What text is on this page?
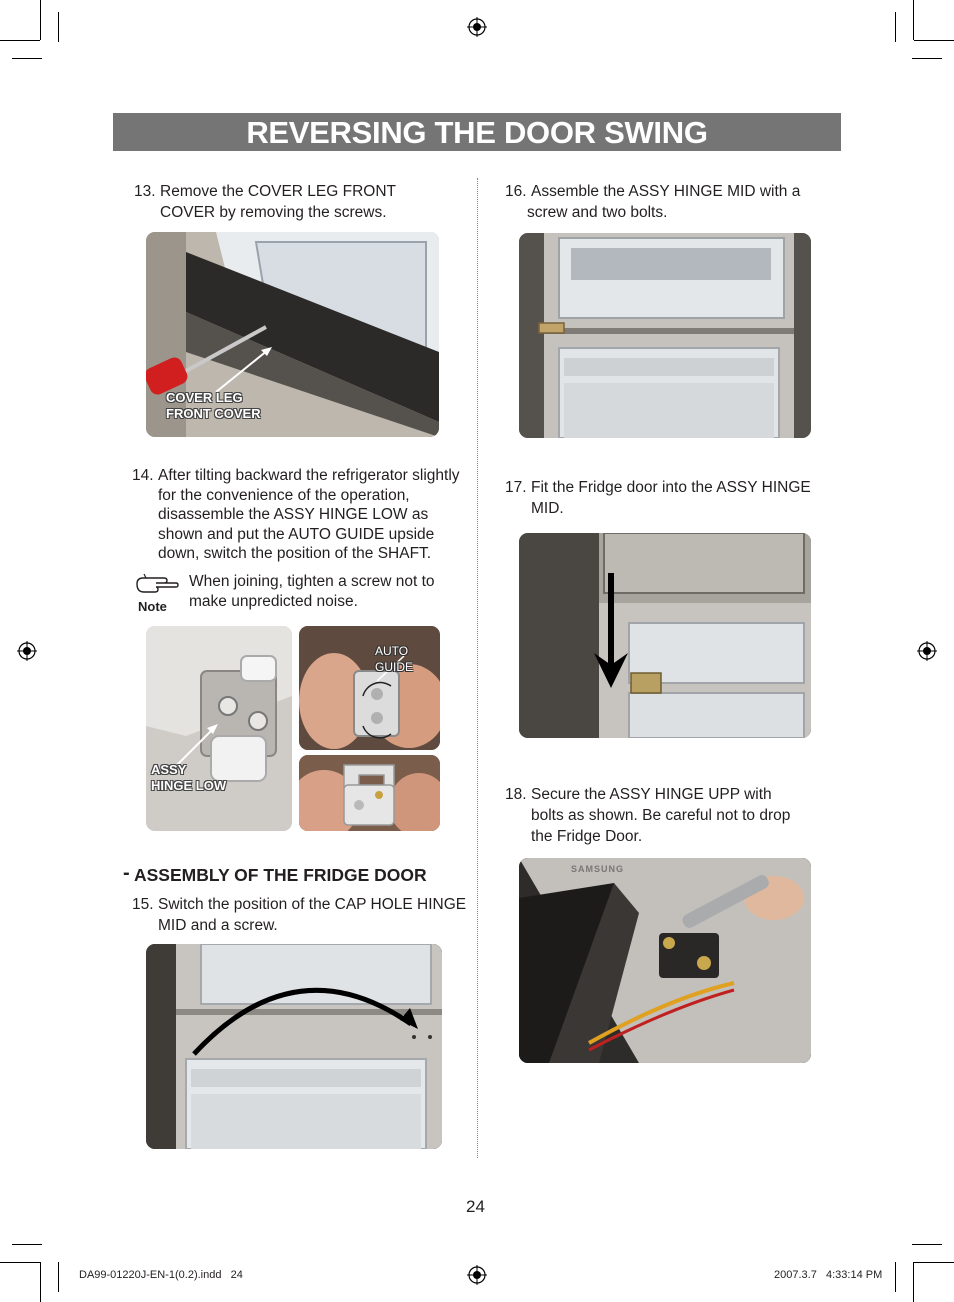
REVERSING THE DOOR SWING
13. Remove the COVER LEG FRONT
COVER by removing the screws.
COVER LEG
FRONT COVER
14. After tilting backward the refrigerator slightly
for the convenience of the operation,
disassemble the ASSY HINGE LOW as
shown and put the AUTO GUIDE upside
down, switch the position of the SHAFT.
Note
When joining, tighten a screw not to
make unpredicted noise.
ASSY
HINGE LOW
AUTO GUIDE
- ASSEMBLY OF THE FRIDGE DOOR
15. Switch the position of the CAP HOLE HINGE
MID and a screw.
16. Assemble the ASSY HINGE MID with a
screw and two bolts.
17. Fit the Fridge door into the ASSY HINGE
MID.
18. Secure the ASSY HINGE UPP with
bolts as shown. Be careful not to drop
the Fridge Door.
SAMSUNG
24
DA99-01220J-EN-1(0.2).indd   24	2007.3.7   4:33:14 PM
